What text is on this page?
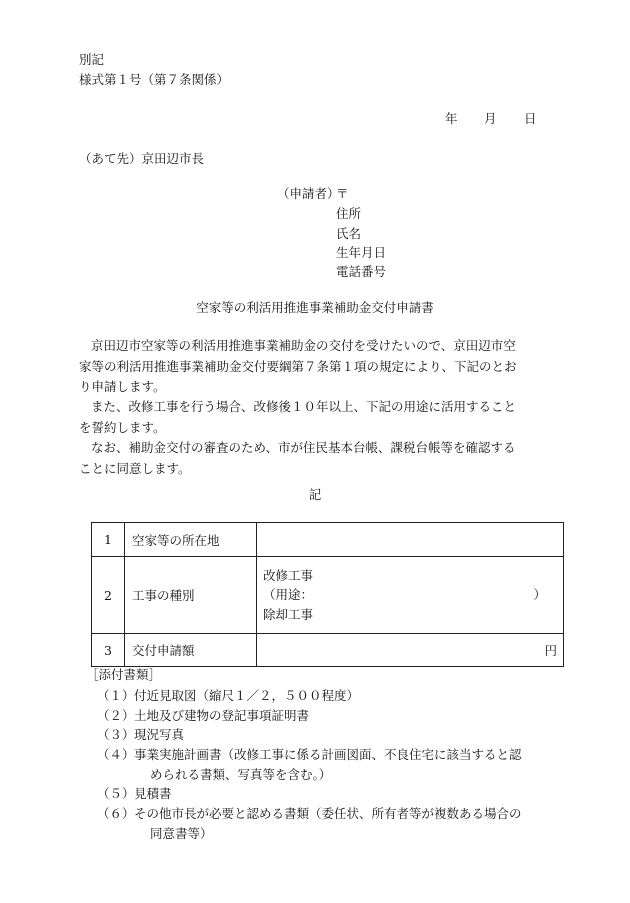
別記
様式第１号（第７条関係）
年 月 日
（あて先）京田辺市長
（申請者）
〒
住所
氏名
生年月日
電話番号
空家等の利活用推進事業補助金交付申請書
京田辺市空家等の利活用推進事業補助金の交付を受けたいので、京田辺市空
家等の利活用推進事業補助金交付要綱第７条第１項の規定により、下記のとお
り申請します。
また、改修工事を行う場合、改修後１０年以上、下記の用途に活用すること
を誓約します。
なお、補助金交付の審査のため、市が住民基本台帳、課税台帳等を確認する
ことに同意します。
記
1	空家等の所在地	
2	工事の種別	改修工事
（用途： ）
除却工事

3	交付申請額	円
［添付書類］
（１） 付近見取図（縮尺１／２，５００程度）
（２） 土地及び建物の登記事項証明書
（３） 現況写真
（４） 事業実施計画書（改修工事に係る計画図面、不良住宅に該当すると認
められる書類、写真等を含む。）
（５） 見積書
（６） その他市長が必要と認める書類（委任状、所有者等が複数ある場合の
同意書等）
